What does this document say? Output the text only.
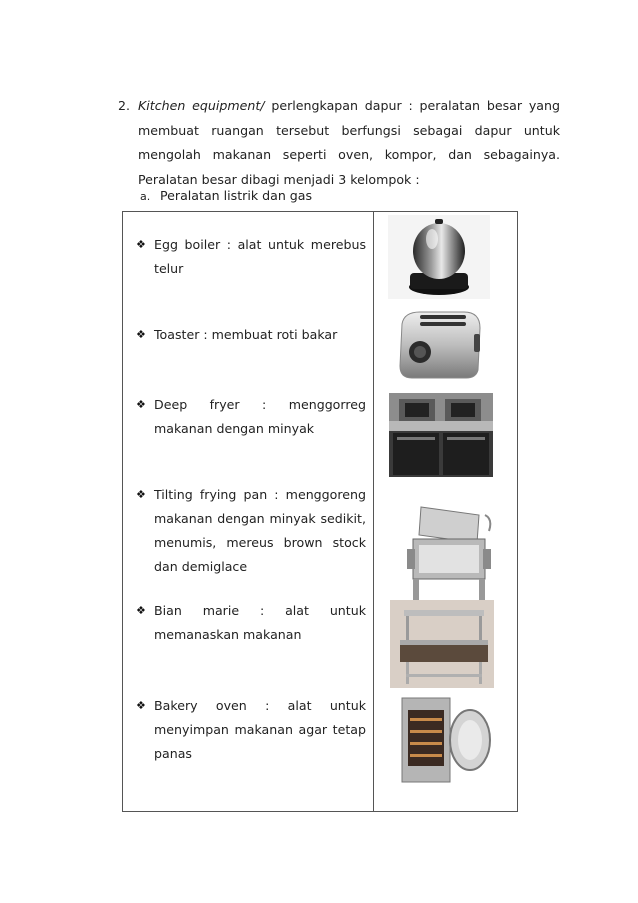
2. Kitchen equipment/ perlengkapan dapur : peralatan besar yang
membuat ruangan tersebut berfungsi sebagai dapur untuk
mengolah makanan seperti oven, kompor, dan sebagainya.
Peralatan besar dibagi menjadi 3 kelompok :
a. Peralatan listrik dan gas

❖ Egg boiler : alat untuk merebus
telur
❖ Toaster : membuat roti bakar
❖ Deep fryer : menggorreg
makanan dengan minyak
❖ Tilting frying pan : menggoreng
makanan dengan minyak sedikit,
menumis, mereus brown stock
dan demiglace
❖ Bian marie : alat untuk
memanaskan makanan
❖ Bakery oven : alat untuk
menyimpan makanan agar tetap
panas
